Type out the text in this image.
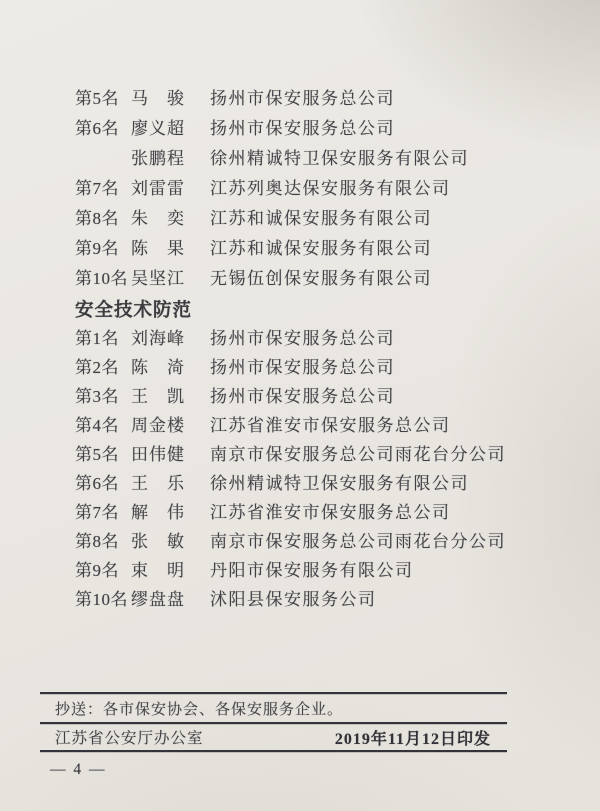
第5名 马　骏	扬州市保安服务总公司
第6名 廖义超	扬州市保安服务总公司
张鹏程	徐州精诚特卫保安服务有限公司
第7名 刘雷雷	江苏列奥达保安服务有限公司
第8名 朱　奕	江苏和诚保安服务有限公司
第9名 陈　果	江苏和诚保安服务有限公司
第10名 吴坚江	无锡伍创保安服务有限公司
安全技术防范
第1名 刘海峰	扬州市保安服务总公司
第2名 陈　渏	扬州市保安服务总公司
第3名 王　凯	扬州市保安服务总公司
第4名 周金楼	江苏省淮安市保安服务总公司
第5名 田伟健	南京市保安服务总公司雨花台分公司
第6名 王　乐	徐州精诚特卫保安服务有限公司
第7名 解　伟	江苏省淮安市保安服务总公司
第8名 张　敏	南京市保安服务总公司雨花台分公司
第9名 束　明	丹阳市保安服务有限公司
第10名 缪盘盘	沭阳县保安服务公司
抄送：各市保安协会、各保安服务企业。
江苏省公安厅办公室	2019年11月12日印发
— 4 —
